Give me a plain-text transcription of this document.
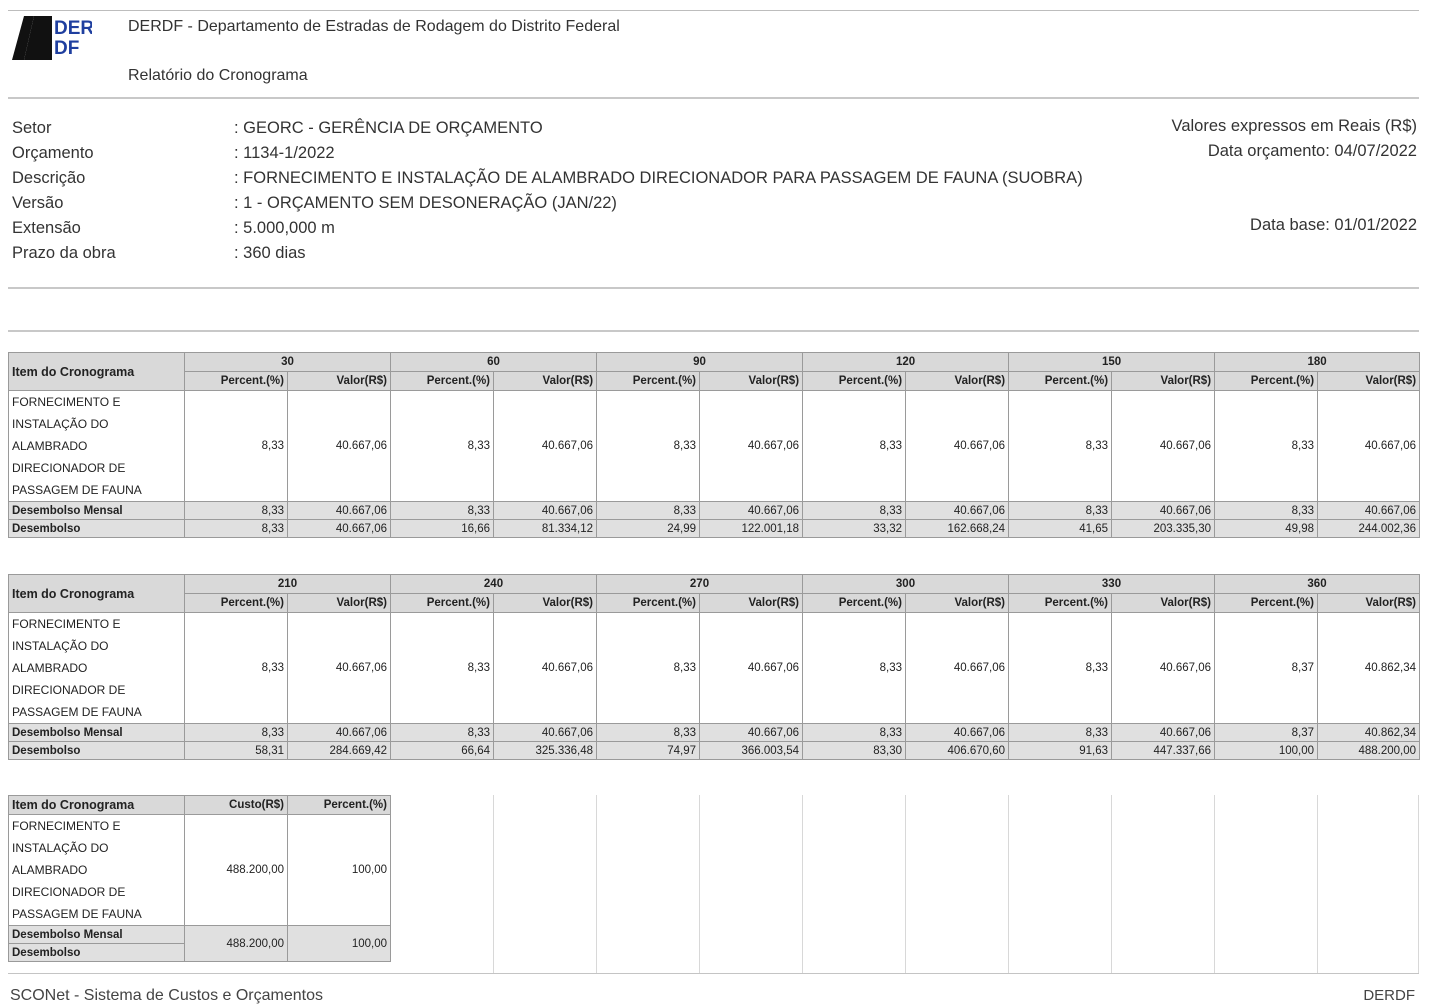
DER
DF
DERDF - Departamento de Estradas de Rodagem do Distrito Federal
Relatório do Cronograma
Setor	: GEORC - GERÊNCIA DE ORÇAMENTO
Orçamento	: 1134-1/2022
Descrição	: FORNECIMENTO E INSTALAÇÃO DE ALAMBRADO DIRECIONADOR PARA PASSAGEM DE FAUNA (SUOBRA)
Versão	: 1 - ORÇAMENTO SEM DESONERAÇÃO (JAN/22)
Extensão	: 5.000,000 m
Prazo da obra	: 360 dias
Valores expressos em Reais (R$)
Data orçamento: 04/07/2022
Data base: 01/01/2022
Item do Cronograma	30		60		90		120		150		180	
	Percent.(%)	Valor(R$)	Percent.(%)	Valor(R$)	Percent.(%)	Valor(R$)	Percent.(%)	Valor(R$)	Percent.(%)	Valor(R$)	Percent.(%)	Valor(R$)
FORNECIMENTO E INSTALAÇÃO DO ALAMBRADO DIRECIONADOR DE PASSAGEM DE FAUNA	8,33	40.667,06	8,33	40.667,06	8,33	40.667,06	8,33	40.667,06	8,33	40.667,06	8,33	40.667,06
Desembolso Mensal	8,33	40.667,06	8,33	40.667,06	8,33	40.667,06	8,33	40.667,06	8,33	40.667,06	8,33	40.667,06
Desembolso	8,33	40.667,06	16,66	81.334,12	24,99	122.001,18	33,32	162.668,24	41,65	203.335,30	49,98	244.002,36
Item do Cronograma	210		240		270		300		330		360	
	Percent.(%)	Valor(R$)	Percent.(%)	Valor(R$)	Percent.(%)	Valor(R$)	Percent.(%)	Valor(R$)	Percent.(%)	Valor(R$)	Percent.(%)	Valor(R$)
FORNECIMENTO E INSTALAÇÃO DO ALAMBRADO DIRECIONADOR DE PASSAGEM DE FAUNA	8,33	40.667,06	8,33	40.667,06	8,33	40.667,06	8,33	40.667,06	8,33	40.667,06	8,37	40.862,34
Desembolso Mensal	8,33	40.667,06	8,33	40.667,06	8,33	40.667,06	8,33	40.667,06	8,33	40.667,06	8,37	40.862,34
Desembolso	58,31	284.669,42	66,64	325.336,48	74,97	366.003,54	83,30	406.670,60	91,63	447.337,66	100,00	488.200,00
Item do Cronograma	Custo(R$)	Percent.(%)
FORNECIMENTO E INSTALAÇÃO DO ALAMBRADO DIRECIONADOR DE PASSAGEM DE FAUNA	488.200,00	100,00
Desembolso Mensal	488.200,00	100,00
Desembolso		
SCONet - Sistema de Custos e Orçamentos	DERDF
